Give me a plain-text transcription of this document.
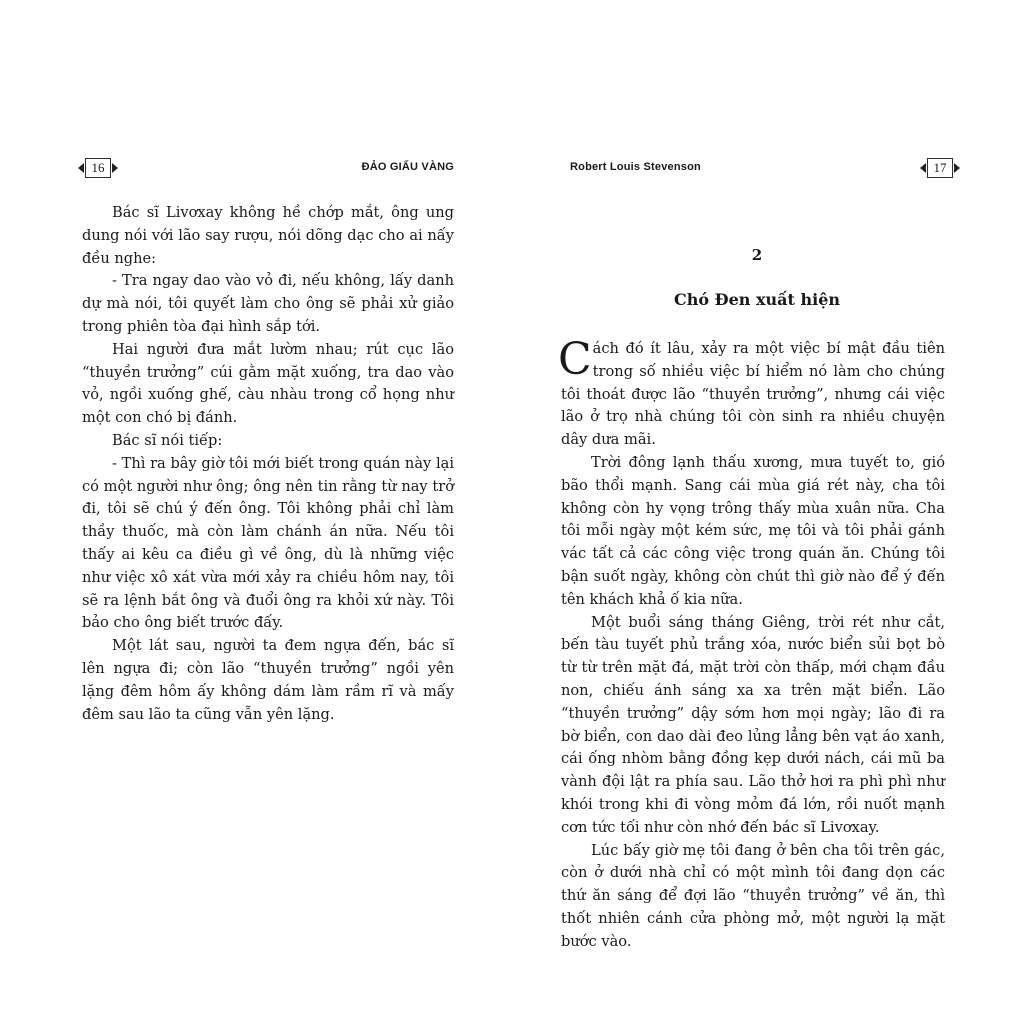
16	ĐẢO GIẤU VÀNG

Bác sĩ Livơxay không hề chớp mắt, ông ung dung nói với lão say rượu, nói dõng dạc cho ai nấy đều nghe:

- Tra ngay dao vào vỏ đi, nếu không, lấy danh dự mà nói, tôi quyết làm cho ông sẽ phải xử giảo trong phiên tòa đại hình sắp tới.

Hai người đưa mắt lườm nhau; rút cục lão “thuyền trưởng” cúi gằm mặt xuống, tra dao vào vỏ, ngồi xuống ghế, càu nhàu trong cổ họng như một con chó bị đánh.

Bác sĩ nói tiếp:

- Thì ra bây giờ tôi mới biết trong quán này lại có một người như ông; ông nên tin rằng từ nay trở đi, tôi sẽ chú ý đến ông. Tôi không phải chỉ làm thầy thuốc, mà còn làm chánh án nữa. Nếu tôi thấy ai kêu ca điều gì về ông, dù là những việc như việc xô xát vừa mới xảy ra chiều hôm nay, tôi sẽ ra lệnh bắt ông và đuổi ông ra khỏi xứ này. Tôi bảo cho ông biết trước đấy.

Một lát sau, người ta đem ngựa đến, bác sĩ lên ngựa đi; còn lão “thuyền trưởng” ngồi yên lặng đêm hôm ấy không dám làm rầm rĩ và mấy đêm sau lão ta cũng vẫn yên lặng.

Robert Louis Stevenson	17
2
Chó Đen xuất hiện

Cách đó ít lâu, xảy ra một việc bí mật đầu tiên trong số nhiều việc bí hiểm nó làm cho chúng tôi thoát được lão “thuyền trưởng”, nhưng cái việc lão ở trọ nhà chúng tôi còn sinh ra nhiều chuyện dây dưa mãi.

Trời đông lạnh thấu xương, mưa tuyết to, gió bão thổi mạnh. Sang cái mùa giá rét này, cha tôi không còn hy vọng trông thấy mùa xuân nữa. Cha tôi mỗi ngày một kém sức, mẹ tôi và tôi phải gánh vác tất cả các công việc trong quán ăn. Chúng tôi bận suốt ngày, không còn chút thì giờ nào để ý đến tên khách khả ố kia nữa.

Một buổi sáng tháng Giêng, trời rét như cắt, bến tàu tuyết phủ trắng xóa, nước biển sủi bọt bò từ từ trên mặt đá, mặt trời còn thấp, mới chạm đầu non, chiếu ánh sáng xa xa trên mặt biển. Lão “thuyền trưởng” dậy sớm hơn mọi ngày; lão đi ra bờ biển, con dao dài đeo lủng lẳng bên vạt áo xanh, cái ống nhòm bằng đồng kẹp dưới nách, cái mũ ba vành đội lật ra phía sau. Lão thở hơi ra phì phì như khói trong khi đi vòng mỏm đá lớn, rồi nuốt mạnh cơn tức tối như còn nhớ đến bác sĩ Livơxay.

Lúc bấy giờ mẹ tôi đang ở bên cha tôi trên gác, còn ở dưới nhà chỉ có một mình tôi đang dọn các thứ ăn sáng để đợi lão “thuyền trưởng” về ăn, thì thốt nhiên cánh cửa phòng mở, một người lạ mặt bước vào.
